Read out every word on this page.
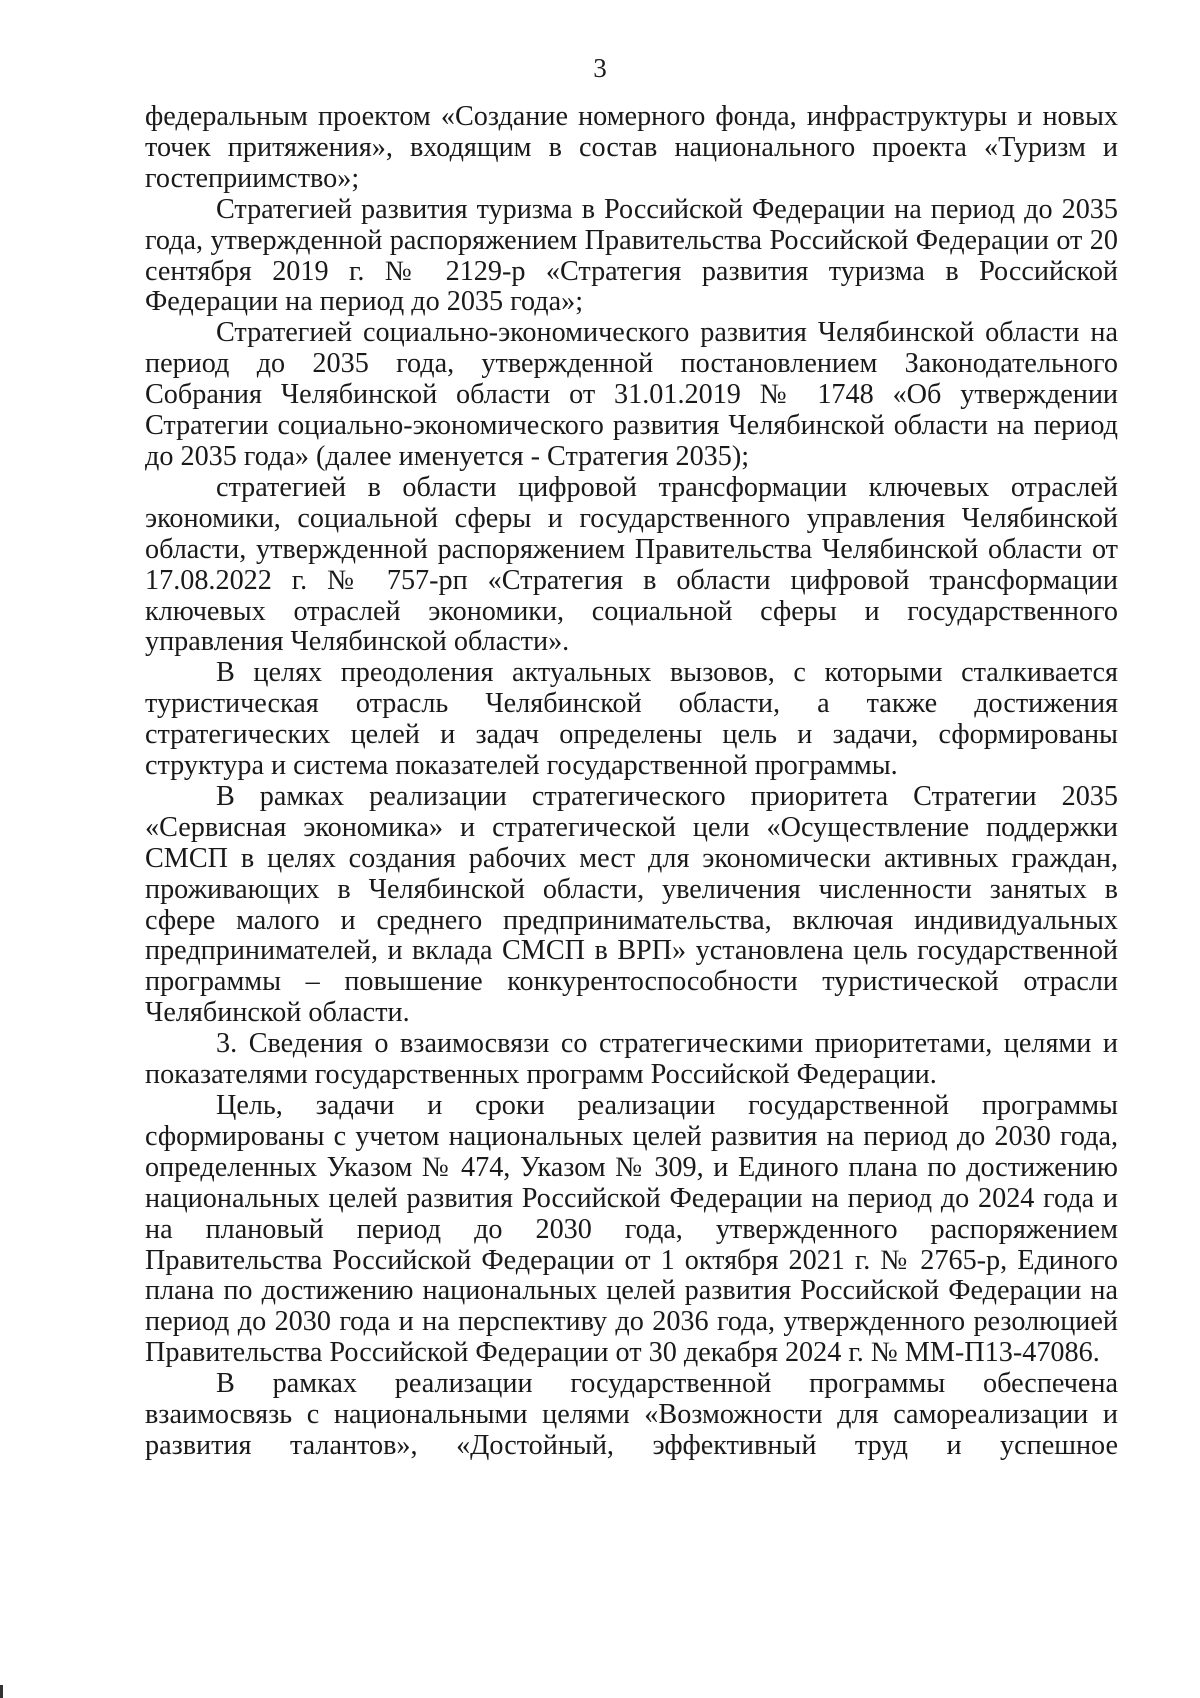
3

федеральным проектом «Создание номерного фонда, инфраструктуры и новых точек притяжения», входящим в состав национального проекта «Туризм и гостеприимство»;

Стратегией развития туризма в Российской Федерации на период до 2035 года, утвержденной распоряжением Правительства Российской Федерации от 20 сентября 2019 г. № 2129-р «Стратегия развития туризма в Российской Федерации на период до 2035 года»;

Стратегией социально-экономического развития Челябинской области на период до 2035 года, утвержденной постановлением Законодательного Собрания Челябинской области от 31.01.2019 № 1748 «Об утверждении Стратегии социально-экономического развития Челябинской области на период до 2035 года» (далее именуется - Стратегия 2035);

стратегией в области цифровой трансформации ключевых отраслей экономики, социальной сферы и государственного управления Челябинской области, утвержденной распоряжением Правительства Челябинской области от 17.08.2022 г. № 757-рп «Стратегия в области цифровой трансформации ключевых отраслей экономики, социальной сферы и государственного управления Челябинской области».

В целях преодоления актуальных вызовов, с которыми сталкивается туристическая отрасль Челябинской области, а также достижения стратегических целей и задач определены цель и задачи, сформированы структура и система показателей государственной программы.

В рамках реализации стратегического приоритета Стратегии 2035 «Сервисная экономика» и стратегической цели «Осуществление поддержки СМСП в целях создания рабочих мест для экономически активных граждан, проживающих в Челябинской области, увеличения численности занятых в сфере малого и среднего предпринимательства, включая индивидуальных предпринимателей, и вклада СМСП в ВРП» установлена цель государственной программы – повышение конкурентоспособности туристической отрасли Челябинской области.

3. Сведения о взаимосвязи со стратегическими приоритетами, целями и показателями государственных программ Российской Федерации.

Цель, задачи и сроки реализации государственной программы сформированы с учетом национальных целей развития на период до 2030 года, определенных Указом № 474, Указом № 309, и Единого плана по достижению национальных целей развития Российской Федерации на период до 2024 года и на плановый период до 2030 года, утвержденного распоряжением Правительства Российской Федерации от 1 октября 2021 г. № 2765-р, Единого плана по достижению национальных целей развития Российской Федерации на период до 2030 года и на перспективу до 2036 года, утвержденного резолюцией Правительства Российской Федерации от 30 декабря 2024 г. № ММ-П13-47086.

В рамках реализации государственной программы обеспечена взаимосвязь с национальными целями «Возможности для самореализации и развития талантов», «Достойный, эффективный труд и успешное
